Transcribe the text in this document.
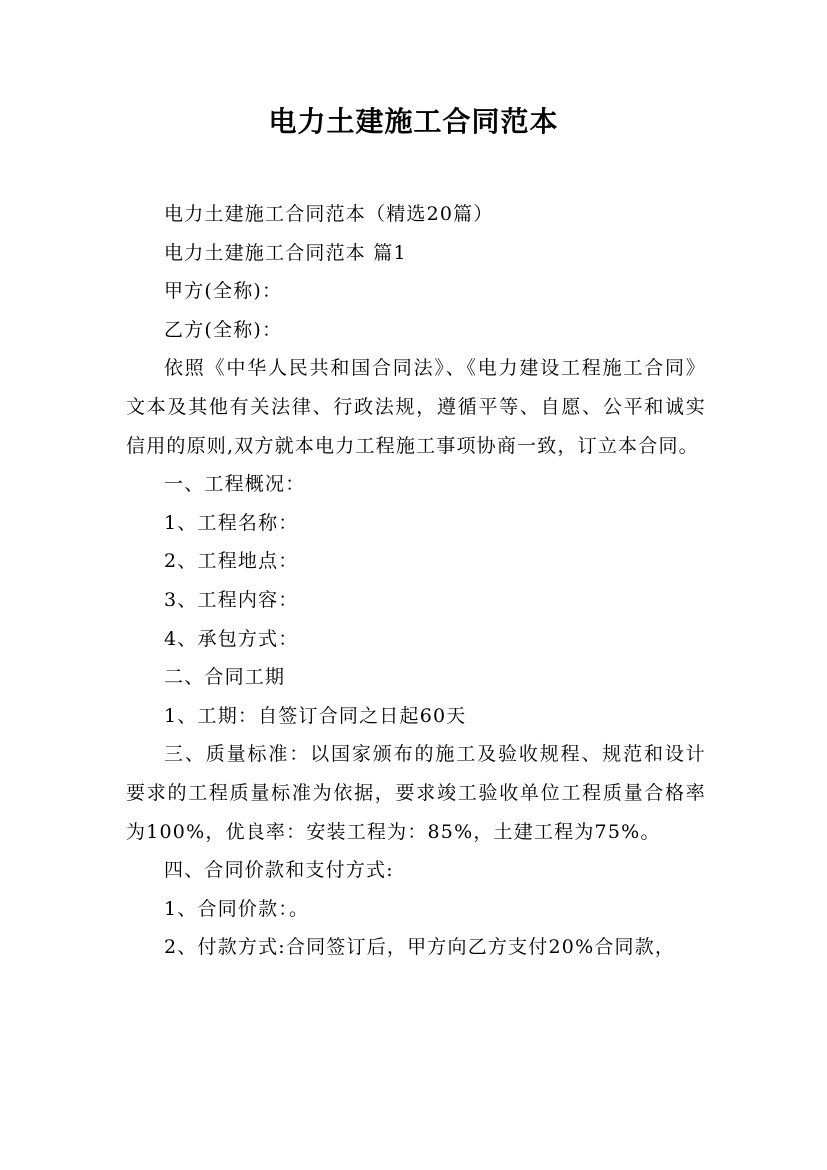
电力土建施工合同范本

电力土建施工合同范本（精选20篇）

电力土建施工合同范本 篇1

甲方(全称)：

乙方(全称)：

依照《中华人民共和国合同法》、《电力建设工程施工合同》文本及其他有关法律、行政法规，遵循平等、自愿、公平和诚实信用的原则,双方就本电力工程施工事项协商一致，订立本合同。

一、工程概况：

1、工程名称：

2、工程地点：

3、工程内容：

4、承包方式：

二、合同工期

1、工期：自签订合同之日起60天

三、质量标准：以国家颁布的施工及验收规程、规范和设计要求的工程质量标准为依据，要求竣工验收单位工程质量合格率为100%，优良率：安装工程为：85%，土建工程为75%。

四、合同价款和支付方式:

1、合同价款：。

2、付款方式:合同签订后，甲方向乙方支付20%合同款，
